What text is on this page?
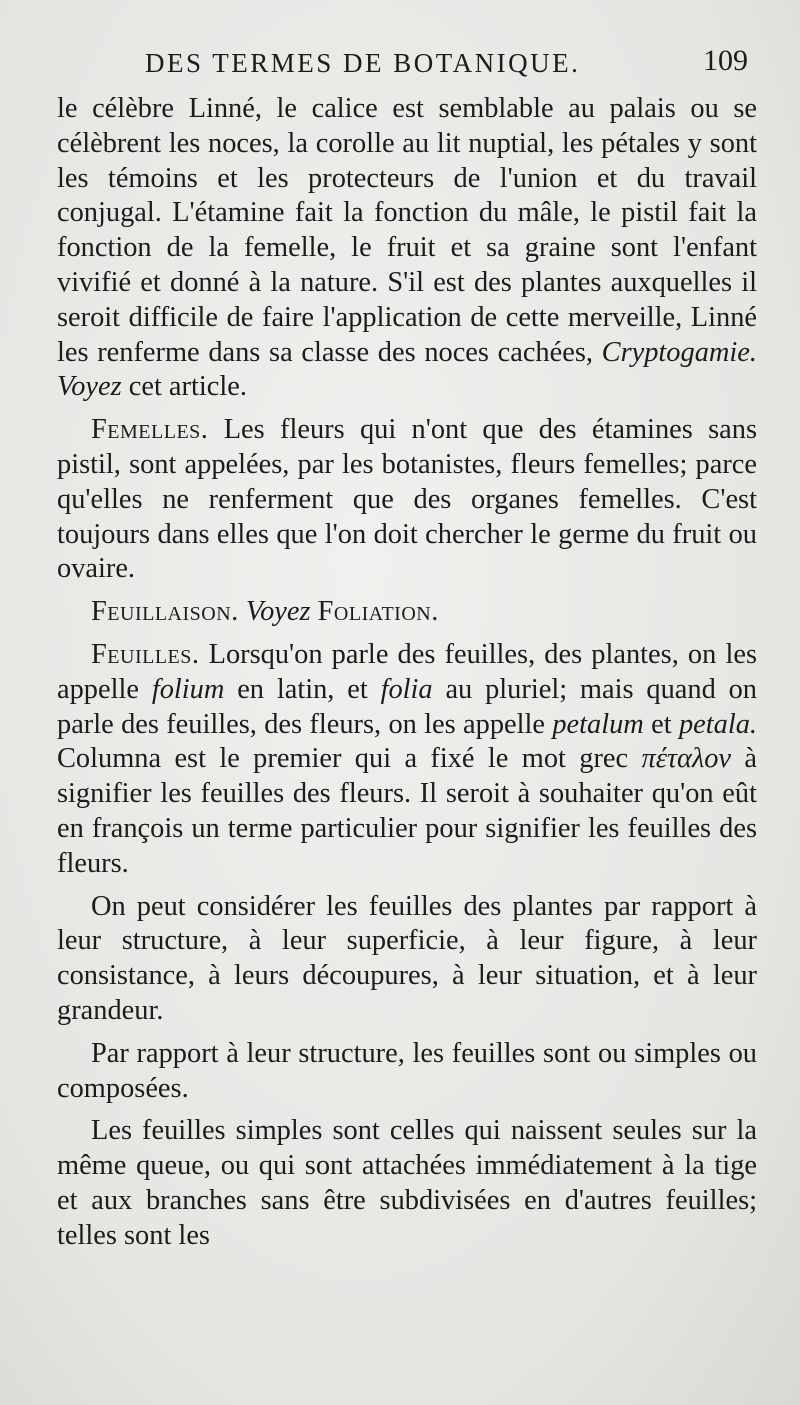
DES TERMES DE BOTANIQUE.	109

le célèbre Linné, le calice est semblable au palais ou se célèbrent les noces, la corolle au lit nuptial, les pétales y sont les témoins et les protecteurs de l'union et du travail conjugal. L'étamine fait la fonction du mâle, le pistil fait la fonction de la femelle, le fruit et sa graine sont l'enfant vivifié et donné à la nature. S'il est des plantes auxquelles il seroit difficile de faire l'application de cette merveille, Linné les renferme dans sa classe des noces cachées, Cryptogamie. Voyez cet article.

Femelles. Les fleurs qui n'ont que des étamines sans pistil, sont appelées, par les botanistes, fleurs femelles; parce qu'elles ne renferment que des organes femelles. C'est toujours dans elles que l'on doit chercher le germe du fruit ou ovaire.

Feuillaison. Voyez Foliation.

Feuilles. Lorsqu'on parle des feuilles, des plantes, on les appelle folium en latin, et folia au pluriel; mais quand on parle des feuilles, des fleurs, on les appelle petalum et petala. Columna est le premier qui a fixé le mot grec πέταλον à signifier les feuilles des fleurs. Il seroit à souhaiter qu'on eût en françois un terme particulier pour signifier les feuilles des fleurs.

On peut considérer les feuilles des plantes par rapport à leur structure, à leur superficie, à leur figure, à leur consistance, à leurs découpures, à leur situation, et à leur grandeur.

Par rapport à leur structure, les feuilles sont ou simples ou composées.

Les feuilles simples sont celles qui naissent seules sur la même queue, ou qui sont attachées immédiatement à la tige et aux branches sans être subdivisées en d'autres feuilles; telles sont les
